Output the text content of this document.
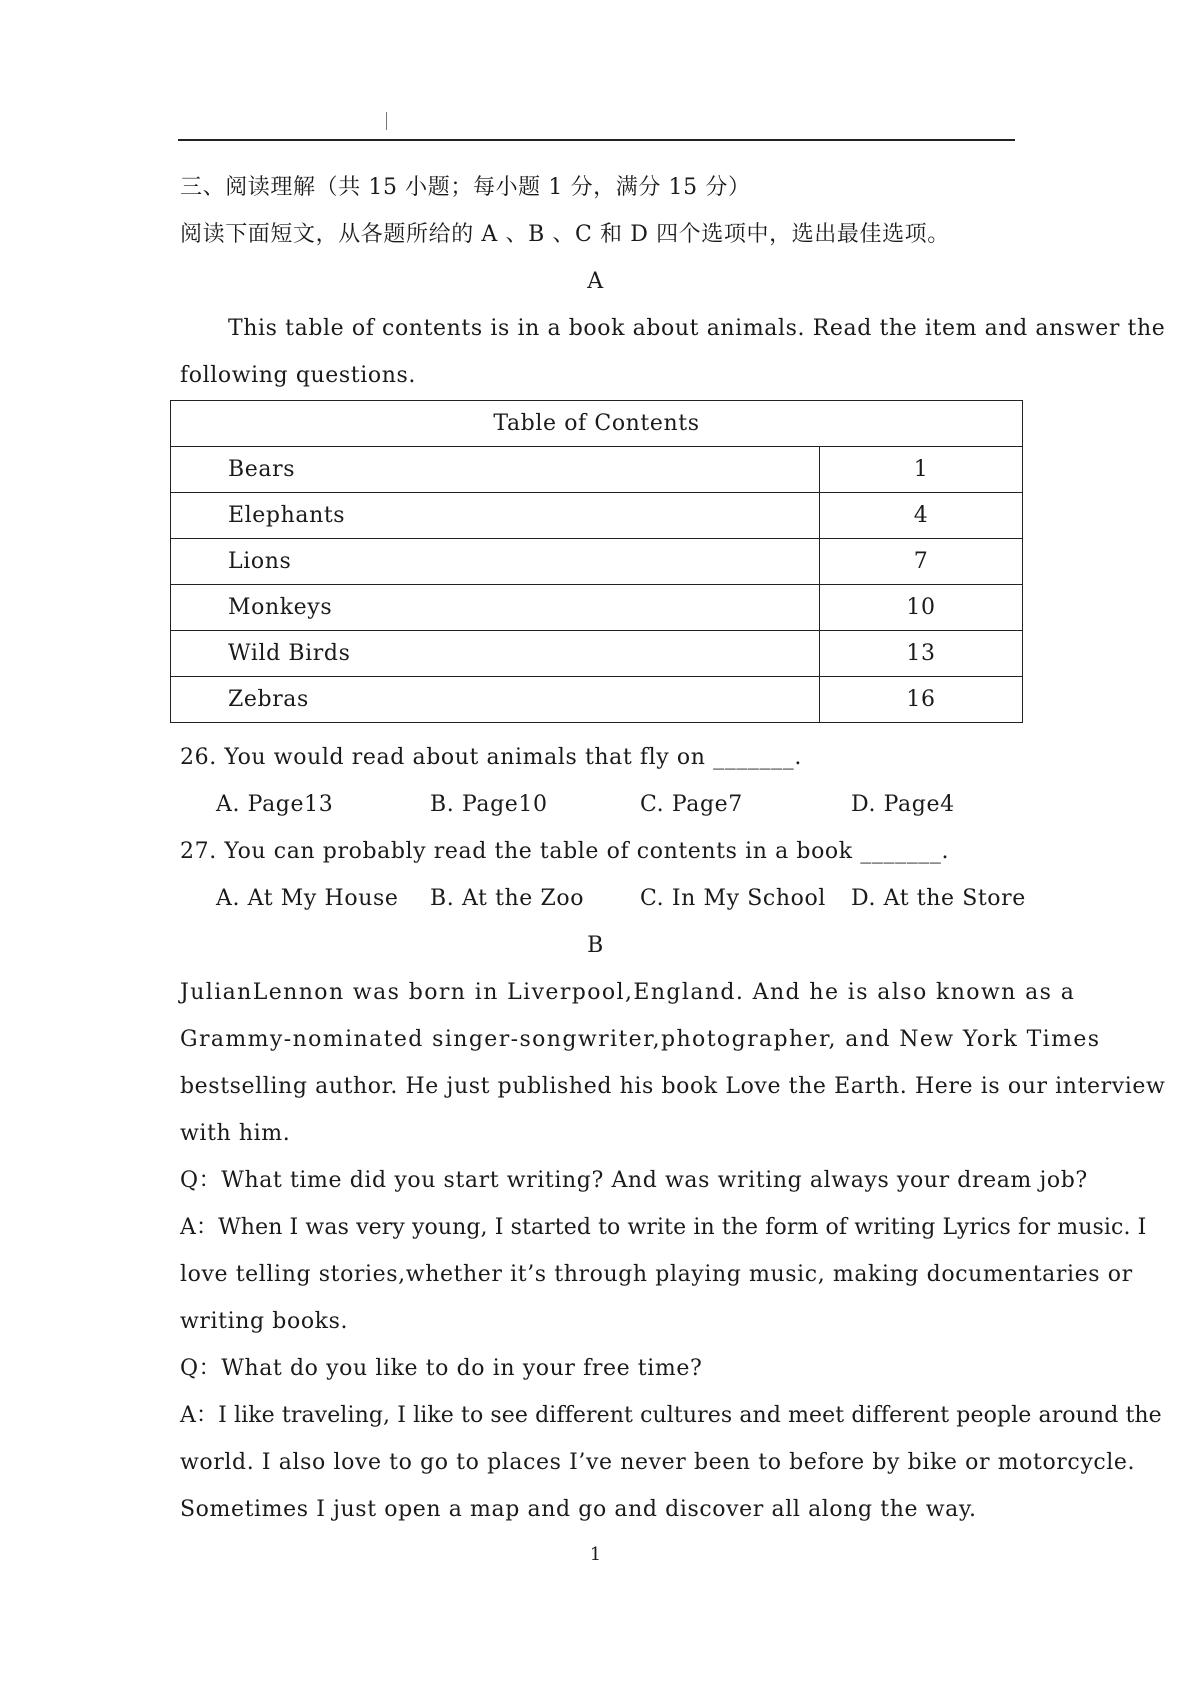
三、阅读理解（共 15 小题；每小题 1 分，满分 15 分）
阅读下面短文，从各题所给的 A 、B 、C 和 D 四个选项中，选出最佳选项。
A
This table of contents is in a book about animals. Read the item and answer the
following questions.
Table of Contents	
Bears	1
Elephants	4
Lions	7
Monkeys	10
Wild Birds	13
Zebras	16
26. You would read about animals that fly on _______.
A. Page13	B. Page10	C. Page7	D. Page4
27. You can probably read the table of contents in a book _______.
A. At My House B. At the Zoo	C. In My School D. At the Store
B
JulianLennon was born in Liverpool,England. And he is also known as a
Grammy-nominated singer-songwriter,photographer, and New York Times
bestselling author. He just published his book Love the Earth. Here is our interview
with him.
Q：What time did you start writing? And was writing always your dream job?
A：When I was very young, I started to write in the form of writing Lyrics for music. I
love telling stories,whether it’s through playing music, making documentaries or
writing books.
Q：What do you like to do in your free time?
A：I like traveling, I like to see different cultures and meet different people around the
world. I also love to go to places I’ve never been to before by bike or motorcycle.
Sometimes I just open a map and go and discover all along the way.
1
